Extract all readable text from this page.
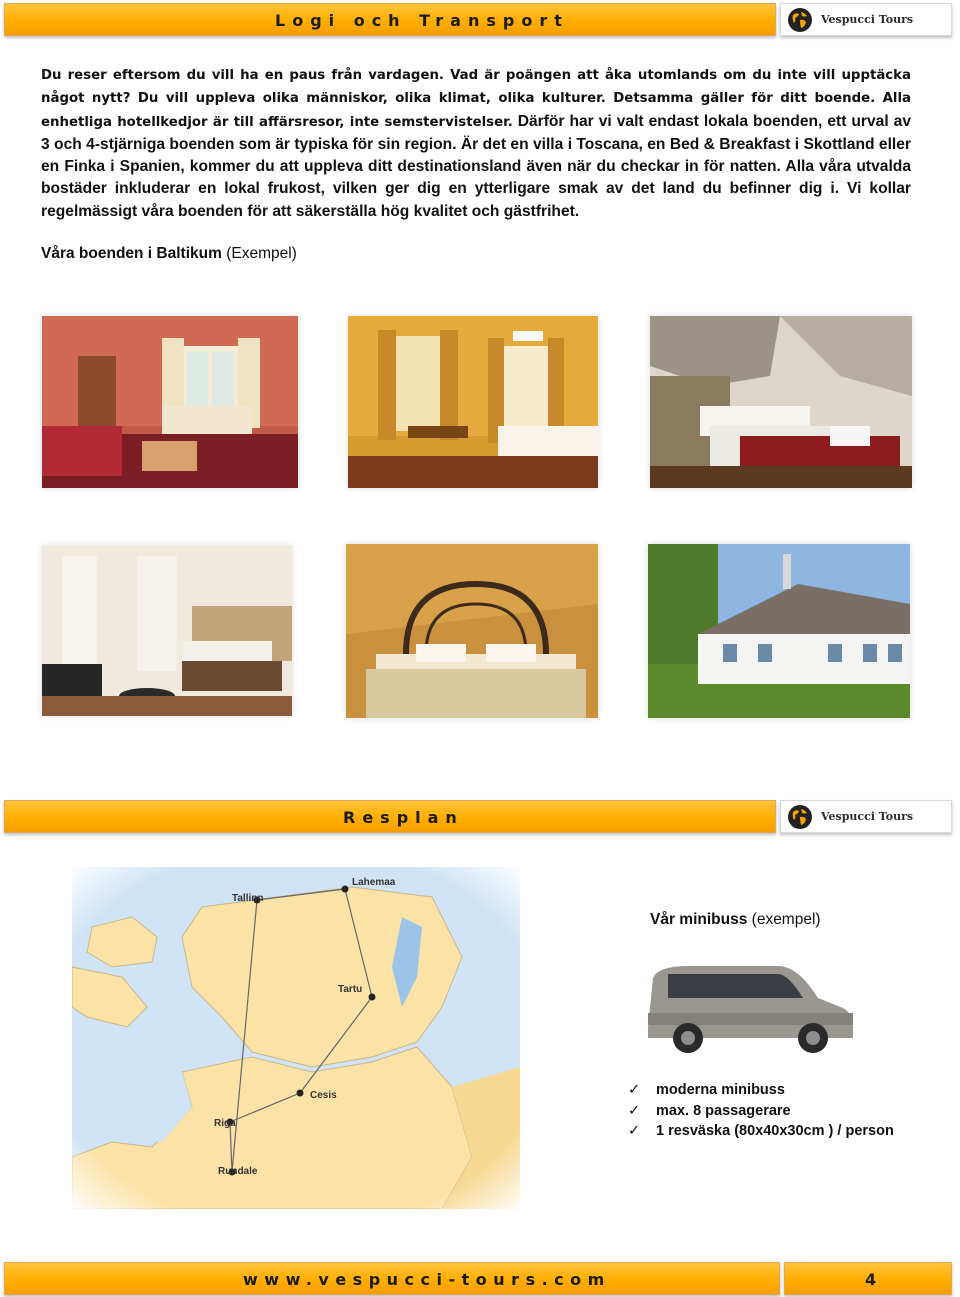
Logi och Transport	Vespucci Tours
Du reser eftersom du vill ha en paus från vardagen. Vad är poängen att åka utomlands om du inte vill upptäcka något nytt? Du vill uppleva olika människor, olika klimat, olika kulturer. Detsamma gäller för ditt boende. Alla enhetliga hotellkedjor är till affärsresor, inte semstervistelser. Därför har vi valt endast lokala boenden, ett urval av 3 och 4-stjärniga boenden som är typiska för sin region. Är det en villa i Toscana, en Bed & Breakfast i Skottland eller en Finka i Spanien, kommer du att uppleva ditt destinationsland även när du checkar in för natten. Alla våra utvalda bostäder inkluderar en lokal frukost, vilken ger dig en ytterligare smak av det land du befinner dig i. Vi kollar regelmässigt våra boenden för att säkerställa hög kvalitet och gästfrihet.
Våra boenden i Baltikum (Exempel)
Resplan	Vespucci Tours
Vår minibuss (exempel)
✓ moderna minibuss
✓ max. 8 passagerare
✓ 1 resväska (80x40x30cm ) / person
www.vespucci-tours.com	4
